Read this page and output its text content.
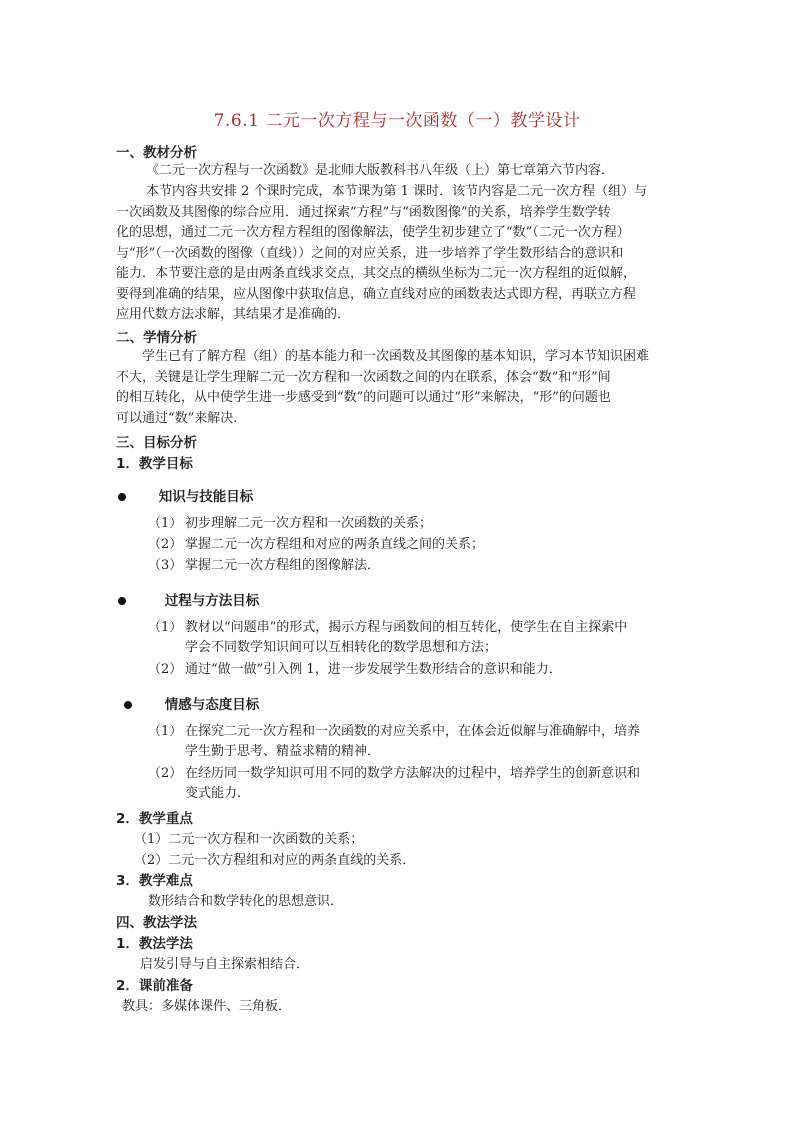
7.6.1 二元一次方程与一次函数（一）教学设计
一、教材分析
《二元一次方程与一次函数》是北师大版教科书八年级（上）第七章第六节内容．
本节内容共安排 2 个课时完成，本节课为第 1 课时．该节内容是二元一次方程（组）与
一次函数及其图像的综合应用．通过探索“方程”与“函数图像”的关系，培养学生数学转
化的思想，通过二元一次方程方程组的图像解法，使学生初步建立了“数”（二元一次方程）
与“形”（一次函数的图像（直线））之间的对应关系，进一步培养了学生数形结合的意识和
能力．本节要注意的是由两条直线求交点，其交点的横纵坐标为二元一次方程组的近似解，
要得到准确的结果，应从图像中获取信息，确立直线对应的函数表达式即方程，再联立方程
应用代数方法求解，其结果才是准确的．
二、学情分析
学生已有了解方程（组）的基本能力和一次函数及其图像的基本知识，学习本节知识困难
不大，关键是让学生理解二元一次方程和一次函数之间的内在联系，体会“数”和“形”间
的相互转化，从中使学生进一步感受到“数”的问题可以通过“形”来解决，“形”的问题也
可以通过“数”来解决．
三、目标分析
1．教学目标
知识与技能目标
（1） 初步理解二元一次方程和一次函数的关系；
（2） 掌握二元一次方程组和对应的两条直线之间的关系；
（3） 掌握二元一次方程组的图像解法．
过程与方法目标
（1） 教材以“问题串”的形式，揭示方程与函数间的相互转化，使学生在自主探索中
学会不同数学知识间可以互相转化的数学思想和方法；
（2） 通过“做一做”引入例 1，进一步发展学生数形结合的意识和能力．
情感与态度目标
（1） 在探究二元一次方程和一次函数的对应关系中，在体会近似解与准确解中，培养
学生勤于思考、精益求精的精神．
（2） 在经历同一数学知识可用不同的数学方法解决的过程中，培养学生的创新意识和
变式能力．
2．教学重点
（1）二元一次方程和一次函数的关系；
（2）二元一次方程组和对应的两条直线的关系．
3．教学难点
数形结合和数学转化的思想意识．
四、教法学法
1．教法学法
启发引导与自主探索相结合．
2．课前准备
教具：多媒体课件、三角板．
